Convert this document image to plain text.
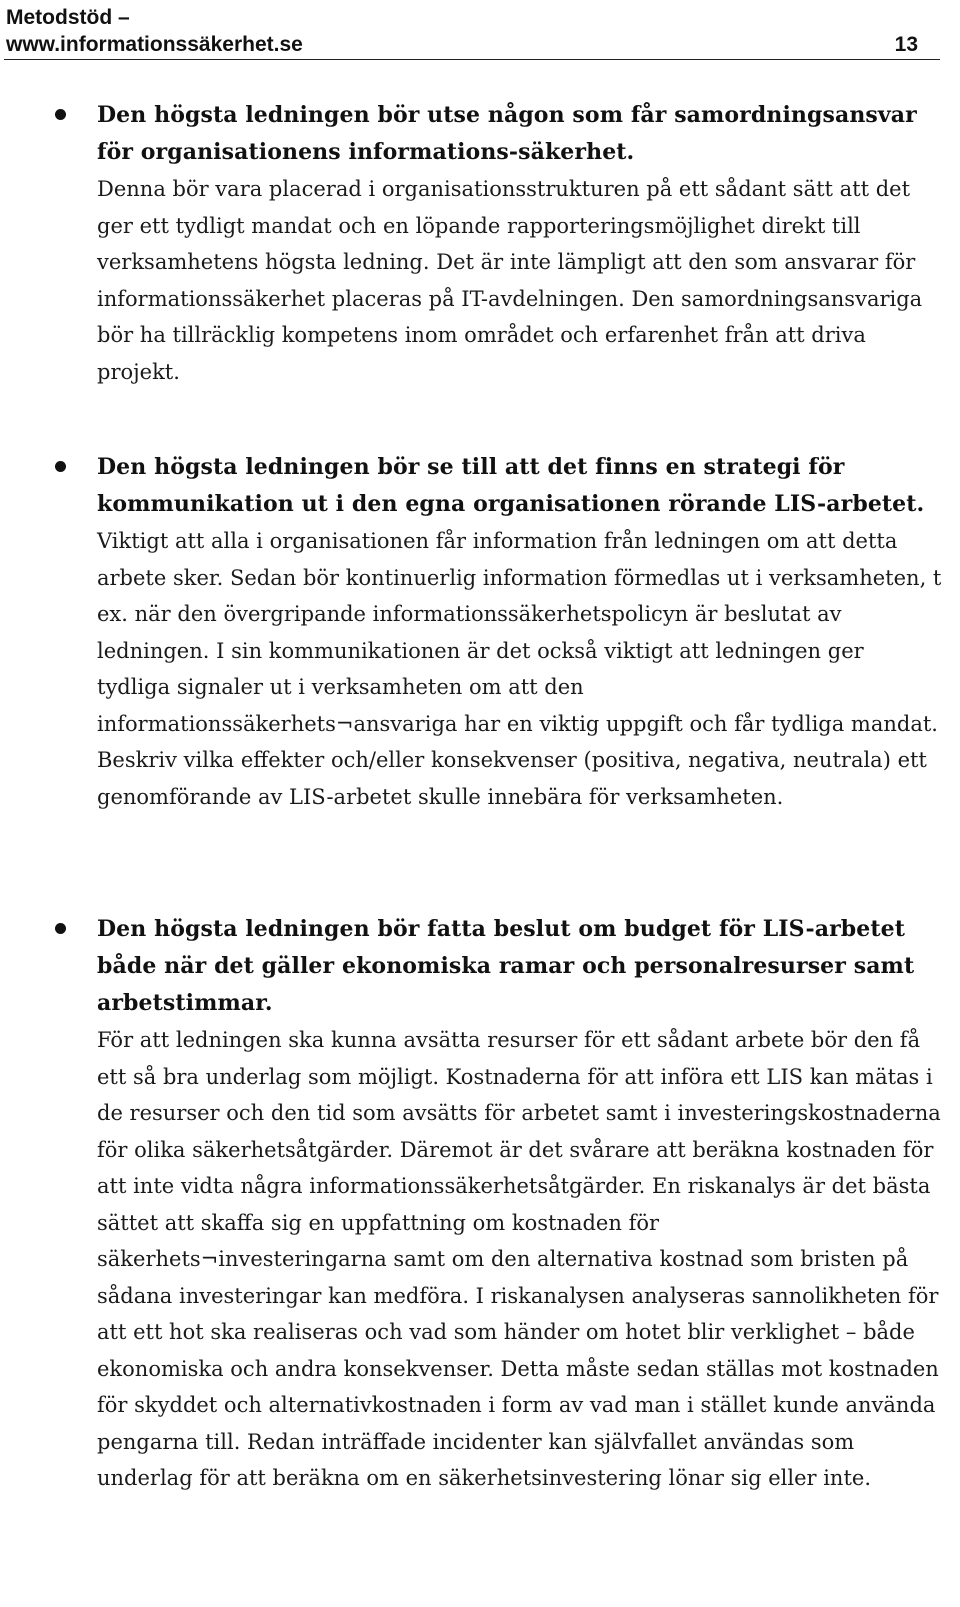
Metodstöd –
www.informationssäkerhet.se	13

Den högsta ledningen bör utse någon som får samordningsansvar för organisationens informations-säkerhet.

Denna bör vara placerad i organisationsstrukturen på ett sådant sätt att det ger ett tydligt mandat och en löpande rapporteringsmöjlighet direkt till verksamhetens högsta ledning. Det är inte lämpligt att den som ansvarar för informationssäkerhet placeras på IT-avdelningen. Den samordningsansvariga bör ha tillräcklig kompetens inom området och erfarenhet från att driva projekt.

Den högsta ledningen bör se till att det finns en strategi för kommunikation ut i den egna organisationen rörande LIS-arbetet.

Viktigt att alla i organisationen får information från ledningen om att detta arbete sker. Sedan bör kontinuerlig information förmedlas ut i verksamheten, t ex. när den övergripande informationssäkerhetspolicyn är beslutat av ledningen. I sin kommunikationen är det också viktigt att ledningen ger tydliga signaler ut i verksamheten om att den informationssäkerhets¬ansvariga har en viktig uppgift och får tydliga mandat. Beskriv vilka effekter och/eller konsekvenser (positiva, negativa, neutrala) ett genomförande av LIS-arbetet skulle innebära för verksamheten.

Den högsta ledningen bör fatta beslut om budget för LIS-arbetet både när det gäller ekonomiska ramar och personalresurser samt arbetstimmar.

För att ledningen ska kunna avsätta resurser för ett sådant arbete bör den få ett så bra underlag som möjligt. Kostnaderna för att införa ett LIS kan mätas i de resurser och den tid som avsätts för arbetet samt i investeringskostnaderna för olika säkerhetsåtgärder. Däremot är det svårare att beräkna kostnaden för att inte vidta några informationssäkerhetsåtgärder. En riskanalys är det bästa sättet att skaffa sig en uppfattning om kostnaden för säkerhets¬investeringarna samt om den alternativa kostnad som bristen på sådana investeringar kan medföra. I riskanalysen analyseras sannolikheten för att ett hot ska realiseras och vad som händer om hotet blir verklighet – både ekonomiska och andra konsekvenser. Detta måste sedan ställas mot kostnaden för skyddet och alternativkostnaden i form av vad man i stället kunde använda pengarna till. Redan inträffade incidenter kan självfallet användas som underlag för att beräkna om en säkerhetsinvestering lönar sig eller inte.
